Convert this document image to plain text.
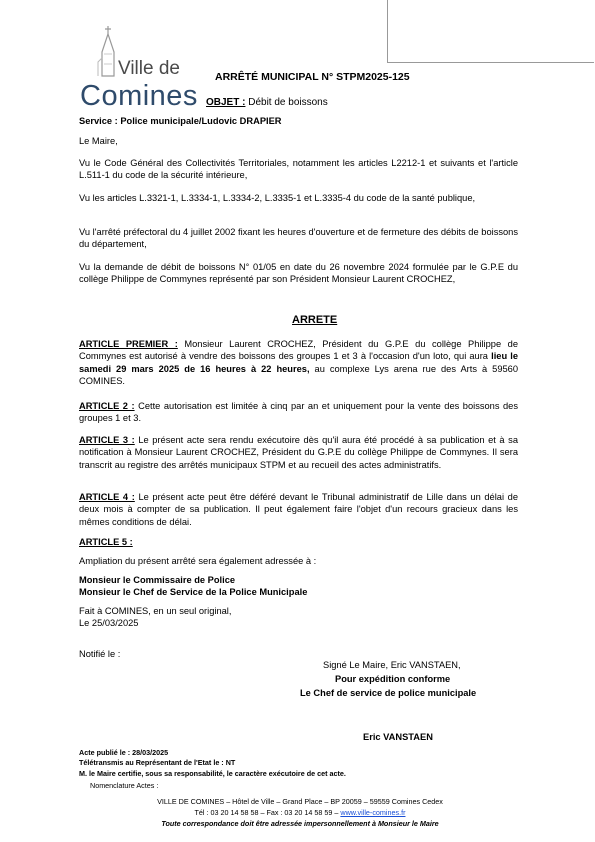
Ville de
Comines
ARRÊTÉ MUNICIPAL N° STPM2025-125
OBJET : Débit de boissons
Service : Police municipale/Ludovic DRAPIER
Le Maire,
Vu le Code Général des Collectivités Territoriales, notamment les articles L2212-1 et suivants et l'article L.511-1 du code de la sécurité intérieure,
Vu les articles L.3321-1, L.3334-1, L.3334-2, L.3335-1 et L.3335-4 du code de la santé publique,
Vu l'arrêté préfectoral du 4 juillet 2002 fixant les heures d'ouverture et de fermeture des débits de boissons du département,
Vu la demande de débit de boissons N° 01/05 en date du 26 novembre 2024 formulée par le G.P.E du collège Philippe de Commynes représenté par son Président Monsieur Laurent CROCHEZ,
ARRETE
ARTICLE PREMIER : Monsieur Laurent CROCHEZ, Président du G.P.E du collège Philippe de Commynes est autorisé à vendre des boissons des groupes 1 et 3 à l'occasion d'un loto, qui aura lieu le samedi 29 mars 2025 de 16 heures à 22 heures, au complexe Lys arena rue des Arts à 59560 COMINES.
ARTICLE 2 : Cette autorisation est limitée à cinq par an et uniquement pour la vente des boissons des groupes 1 et 3.
ARTICLE 3 : Le présent acte sera rendu exécutoire dès qu'il aura été procédé à sa publication et à sa notification à Monsieur Laurent CROCHEZ, Président du G.P.E du collège Philippe de Commynes. Il sera transcrit au registre des arrêtés municipaux STPM et au recueil des actes administratifs.
ARTICLE 4 : Le présent acte peut être déféré devant le Tribunal administratif de Lille dans un délai de deux mois à compter de sa publication. Il peut également faire l'objet d'un recours gracieux dans les mêmes conditions de délai.
ARTICLE 5 :
Ampliation du présent arrêté sera également adressée à :
Monsieur le Commissaire de Police
Monsieur le Chef de Service de la Police Municipale
Fait à COMINES, en un seul original,
Le 25/03/2025
Notifié le :
Signé Le Maire, Eric VANSTAEN,
Pour expédition conforme
Le Chef de service de police municipale
Eric VANSTAEN
Acte publié le : 28/03/2025
Télétransmis au Représentant de l'Etat le : NT
M. le Maire certifie, sous sa responsabilité, le caractère exécutoire de cet acte.
Nomenclature Actes :
VILLE DE COMINES – Hôtel de Ville – Grand Place – BP 20059 – 59559 Comines Cedex
Tél : 03 20 14 58 58 – Fax : 03 20 14 58 59 – www.ville-comines.fr
Toute correspondance doit être adressée impersonnellement à Monsieur le Maire
